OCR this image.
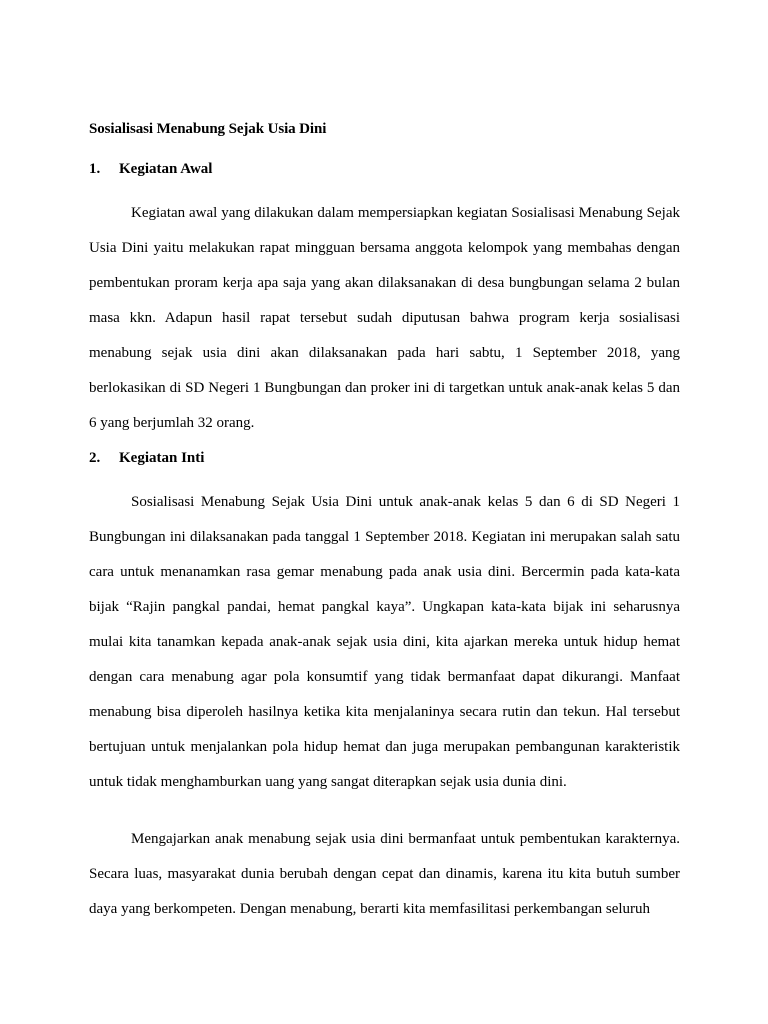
Sosialisasi Menabung Sejak Usia Dini

1. Kegiatan Awal

Kegiatan awal yang dilakukan dalam mempersiapkan kegiatan Sosialisasi Menabung Sejak Usia Dini yaitu melakukan rapat mingguan bersama anggota kelompok yang membahas dengan pembentukan proram kerja apa saja yang akan dilaksanakan di desa bungbungan selama 2 bulan masa kkn. Adapun hasil rapat tersebut sudah diputusan bahwa program kerja sosialisasi menabung sejak usia dini akan dilaksanakan pada hari sabtu, 1 September 2018, yang berlokasikan di SD Negeri 1 Bungbungan dan proker ini di targetkan untuk anak-anak kelas 5 dan 6 yang berjumlah 32 orang.

2. Kegiatan Inti

Sosialisasi Menabung Sejak Usia Dini untuk anak-anak kelas 5 dan 6 di SD Negeri 1 Bungbungan ini dilaksanakan pada tanggal 1 September 2018. Kegiatan ini merupakan salah satu cara untuk menanamkan rasa gemar menabung pada anak usia dini. Bercermin pada kata-kata bijak “Rajin pangkal pandai, hemat pangkal kaya”. Ungkapan kata-kata bijak ini seharusnya mulai kita tanamkan kepada anak-anak sejak usia dini, kita ajarkan mereka untuk hidup hemat dengan cara menabung agar pola konsumtif yang tidak bermanfaat dapat dikurangi. Manfaat menabung bisa diperoleh hasilnya ketika kita menjalaninya secara rutin dan tekun. Hal tersebut bertujuan untuk menjalankan pola hidup hemat dan juga merupakan pembangunan karakteristik untuk tidak menghamburkan uang yang sangat diterapkan sejak usia dunia dini.

Mengajarkan anak menabung sejak usia dini bermanfaat untuk pembentukan karakternya. Secara luas, masyarakat dunia berubah dengan cepat dan dinamis, karena itu kita butuh sumber daya yang berkompeten. Dengan menabung, berarti kita memfasilitasi perkembangan seluruh
